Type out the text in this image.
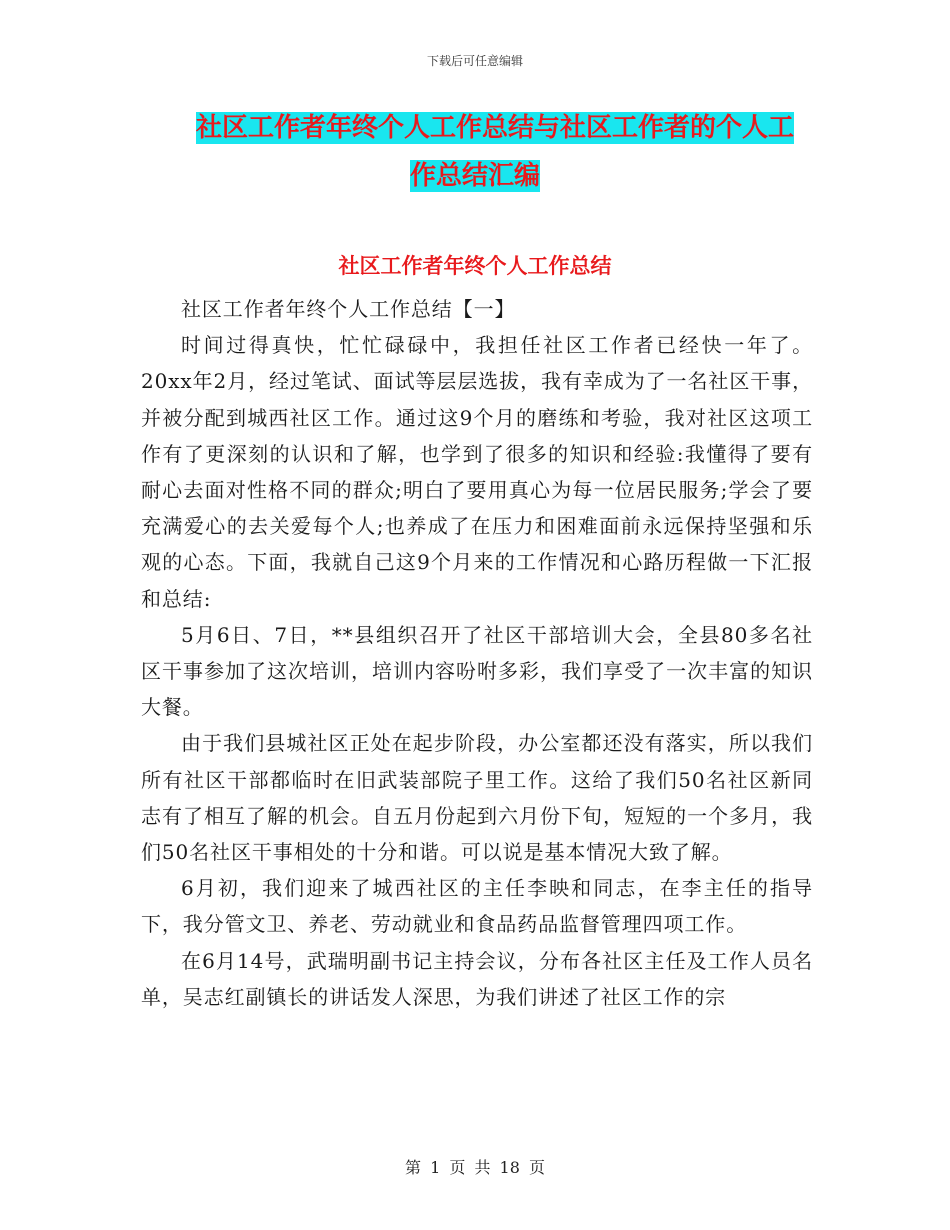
下载后可任意编辑
社区工作者年终个人工作总结与社区工作者的个人工
作总结汇编
社区工作者年终个人工作总结

社区工作者年终个人工作总结【一】

时间过得真快，忙忙碌碌中，我担任社区工作者已经快一年了。20xx年2月，经过笔试、面试等层层选拔，我有幸成为了一名社区干事，并被分配到城西社区工作。通过这9个月的磨练和考验，我对社区这项工作有了更深刻的认识和了解，也学到了很多的知识和经验:我懂得了要有耐心去面对性格不同的群众;明白了要用真心为每一位居民服务;学会了要充满爱心的去关爱每个人;也养成了在压力和困难面前永远保持坚强和乐观的心态。下面，我就自己这9个月来的工作情况和心路历程做一下汇报和总结:

5月6日、7日，**县组织召开了社区干部培训大会，全县80多名社区干事参加了这次培训，培训内容吩咐多彩，我们享受了一次丰富的知识大餐。

由于我们县城社区正处在起步阶段，办公室都还没有落实，所以我们所有社区干部都临时在旧武装部院子里工作。这给了我们50名社区新同志有了相互了解的机会。自五月份起到六月份下旬，短短的一个多月，我们50名社区干事相处的十分和谐。可以说是基本情况大致了解。

6月初，我们迎来了城西社区的主任李映和同志，在李主任的指导下，我分管文卫、养老、劳动就业和食品药品监督管理四项工作。

在6月14号，武瑞明副书记主持会议，分布各社区主任及工作人员名单，吴志红副镇长的讲话发人深思，为我们讲述了社区工作的宗

第 1 页 共 18 页
